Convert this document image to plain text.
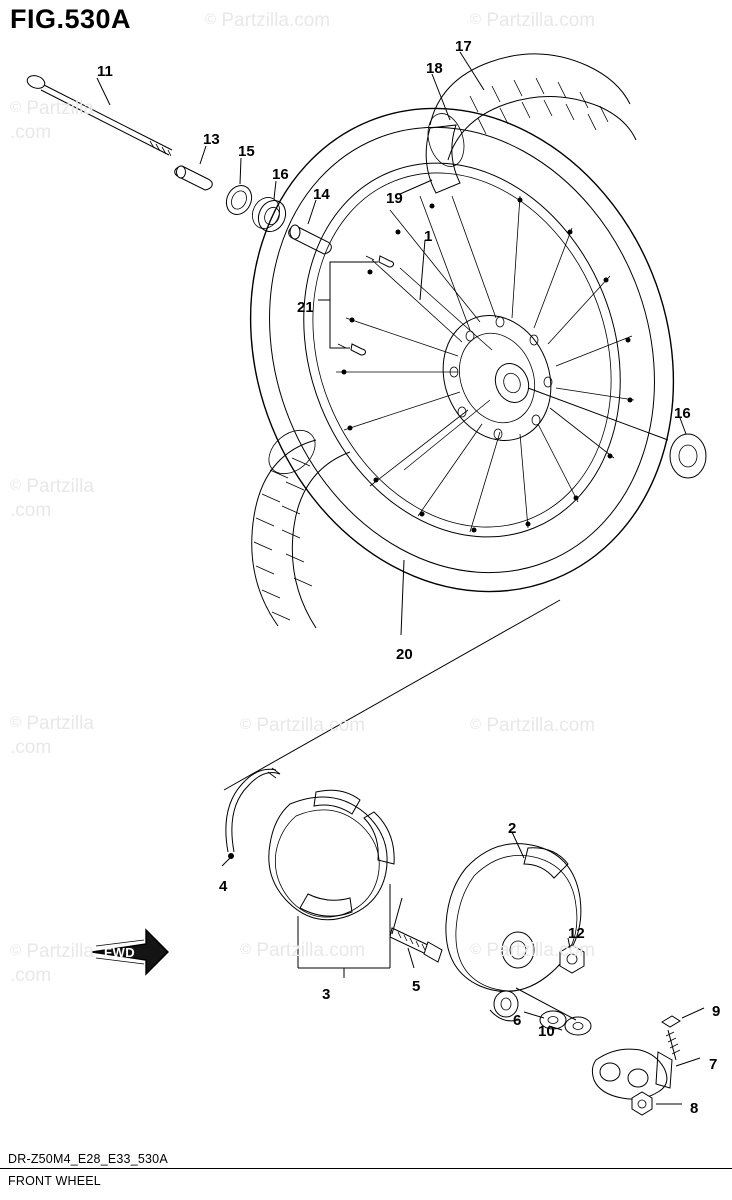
FIG.530A	© Partzilla.com	© Partzilla.com
© Partzilla
.com
© Partzilla
.com
© Partzilla
.com
© Partzilla.com	© Partzilla.com
© Partzilla
.com
© Partzilla.com	© Partzilla.com
11
13
15
16
14
17
18
19
1
21
16
20
4
3	5
2
12
6
10
9
7
8
FWD
DR-Z50M4_E28_E33_530A
FRONT WHEEL
